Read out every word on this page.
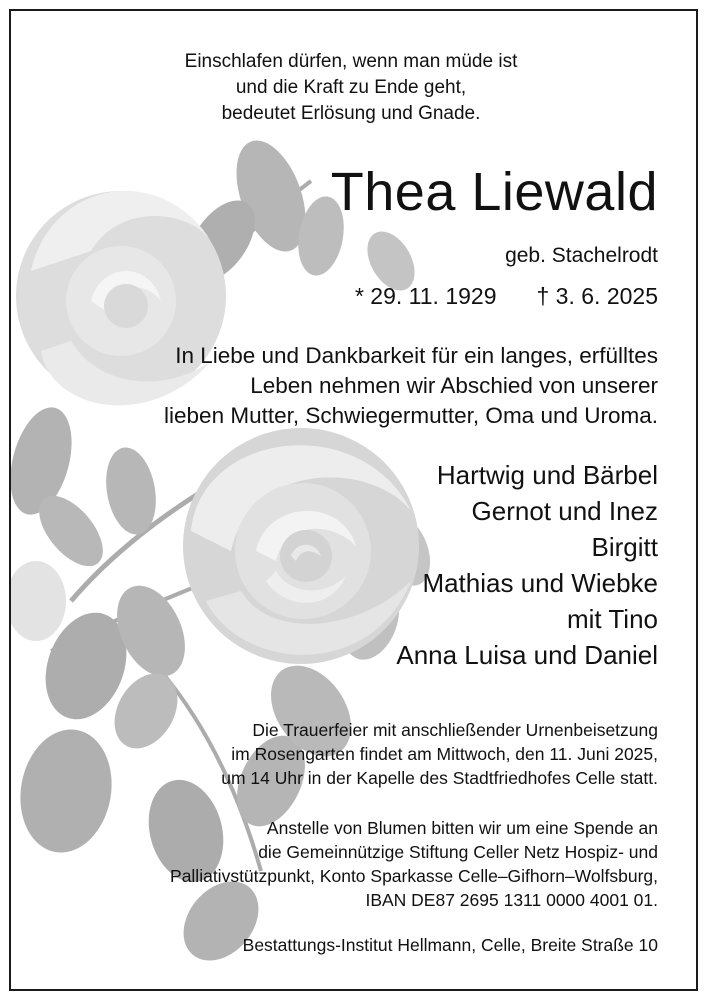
Einschlafen dürfen, wenn man müde ist
und die Kraft zu Ende geht,
bedeutet Erlösung und Gnade.
Thea Liewald
geb. Stachelrodt
* 29. 11. 1929 † 3. 6. 2025
In Liebe und Dankbarkeit für ein langes, erfülltes
Leben nehmen wir Abschied von unserer
lieben Mutter, Schwiegermutter, Oma und Uroma.
Hartwig und Bärbel
Gernot und Inez
Birgitt
Mathias und Wiebke
mit Tino
Anna Luisa und Daniel
Die Trauerfeier mit anschließender Urnenbeisetzung
im Rosengarten findet am Mittwoch, den 11. Juni 2025,
um 14 Uhr in der Kapelle des Stadtfriedhofes Celle statt.
Anstelle von Blumen bitten wir um eine Spende an
die Gemeinnützige Stiftung Celler Netz Hospiz- und
Palliativstützpunkt, Konto Sparkasse Celle–Gifhorn–Wolfsburg,
IBAN DE87 2695 1311 0000 4001 01.
Bestattungs-Institut Hellmann, Celle, Breite Straße 10
